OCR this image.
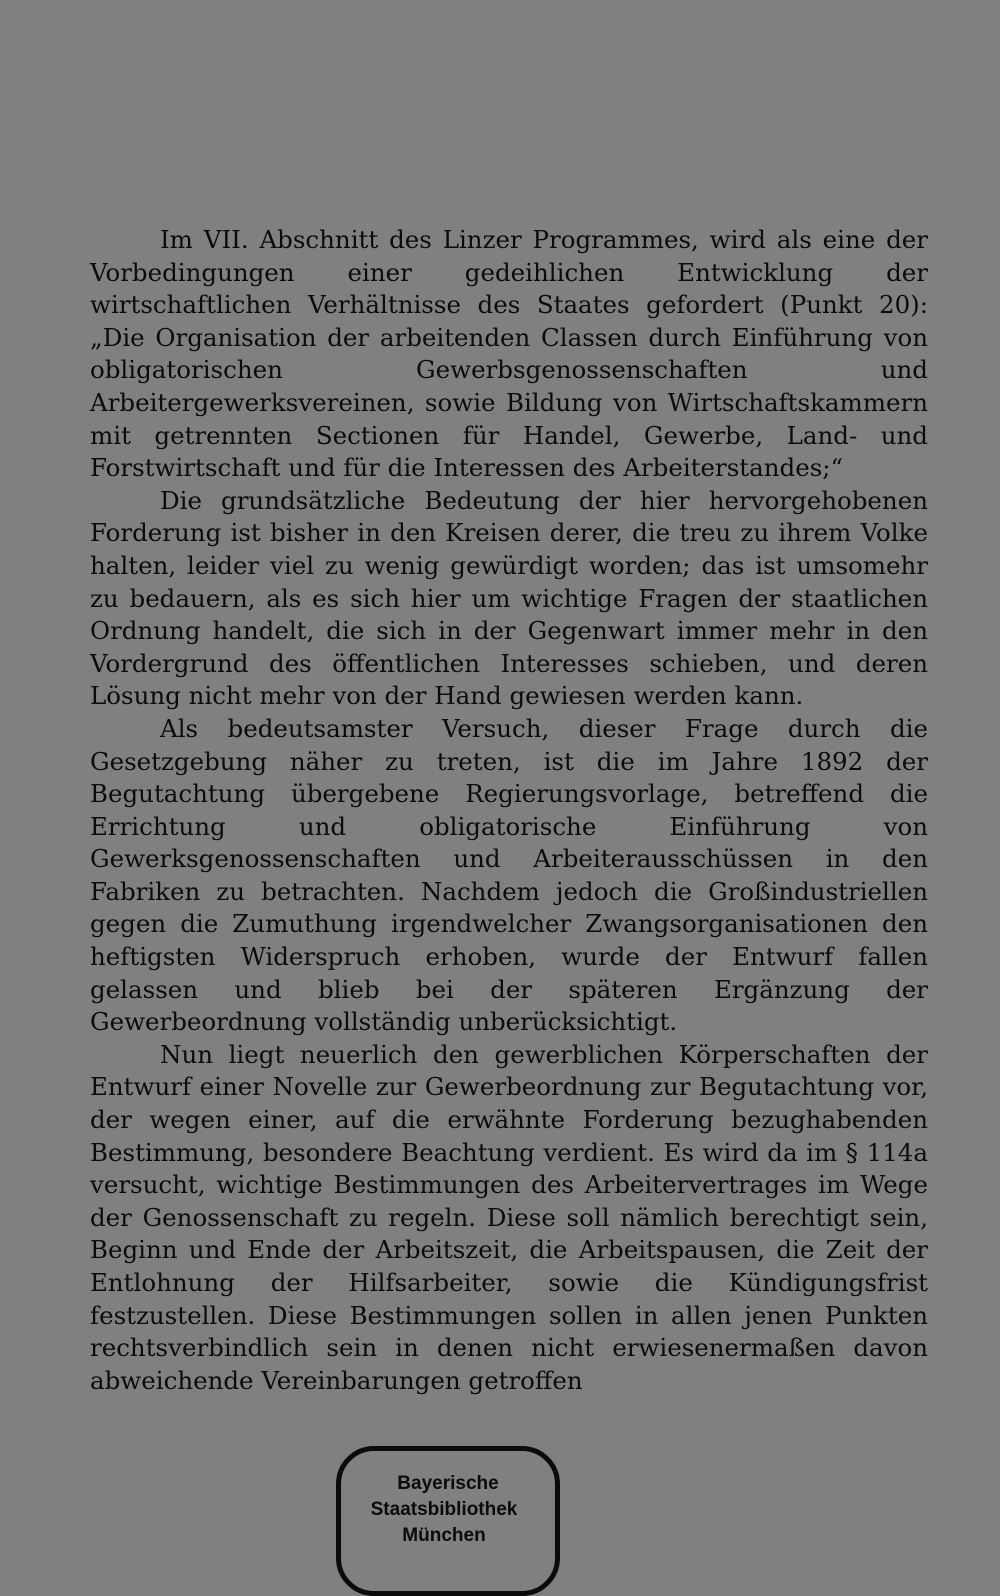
Im VII. Abschnitt des Linzer Programmes, wird als eine der Vorbedingungen einer gedeihlichen Entwicklung der wirtschaftlichen Verhältnisse des Staates gefordert (Punkt 20): „Die Organisation der arbeitenden Classen durch Einführung von obligatorischen Gewerbsgenossenschaften und Arbeitergewerksvereinen, sowie Bildung von Wirtschaftskammern mit getrennten Sectionen für Handel, Gewerbe, Land- und Forstwirtschaft und für die Interessen des Arbeiterstandes;“

Die grundsätzliche Bedeutung der hier hervorgehobenen Forderung ist bisher in den Kreisen derer, die treu zu ihrem Volke halten, leider viel zu wenig gewürdigt worden; das ist umsomehr zu bedauern, als es sich hier um wichtige Fragen der staatlichen Ordnung handelt, die sich in der Gegenwart immer mehr in den Vordergrund des öffentlichen Interesses schieben, und deren Lösung nicht mehr von der Hand gewiesen werden kann.

Als bedeutsamster Versuch, dieser Frage durch die Gesetzgebung näher zu treten, ist die im Jahre 1892 der Begutachtung übergebene Regierungsvorlage, betreffend die Errichtung und obligatorische Einführung von Gewerksgenossenschaften und Arbeiterausschüssen in den Fabriken zu betrachten. Nachdem jedoch die Großindustriellen gegen die Zumuthung irgendwelcher Zwangsorganisationen den heftigsten Widerspruch erhoben, wurde der Entwurf fallen gelassen und blieb bei der späteren Ergänzung der Gewerbeordnung vollständig unberücksichtigt.

Nun liegt neuerlich den gewerblichen Körperschaften der Entwurf einer Novelle zur Gewerbeordnung zur Begutachtung vor, der wegen einer, auf die erwähnte Forderung bezughabenden Bestimmung, besondere Beachtung verdient. Es wird da im § 114a versucht, wichtige Bestimmungen des Arbeitervertrages im Wege der Genossenschaft zu regeln. Diese soll nämlich berechtigt sein, Beginn und Ende der Arbeitszeit, die Arbeitspausen, die Zeit der Entlohnung der Hilfsarbeiter, sowie die Kündigungsfrist festzustellen. Diese Bestimmungen sollen in allen jenen Punkten rechtsverbindlich sein in denen nicht erwiesenermaßen davon abweichende Vereinbarungen getroffen

Bayerische
Staatsbibliothek
München
